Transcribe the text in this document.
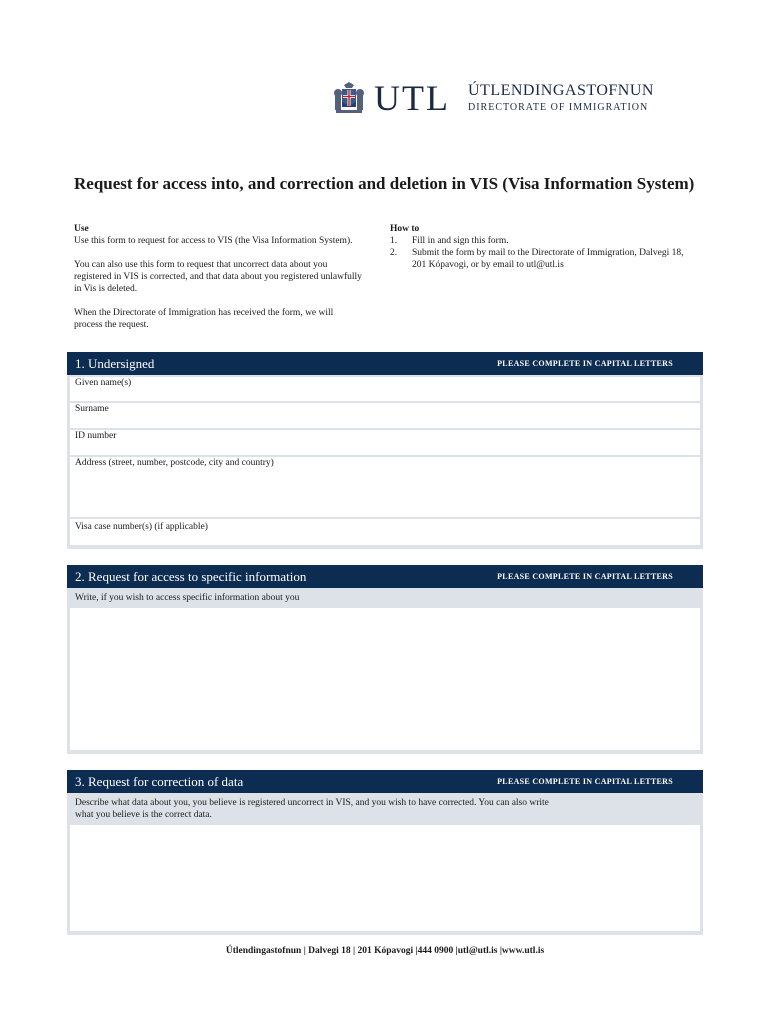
UTL ÚTLENDINGASTOFNUN
DIRECTORATE OF IMMIGRATION
Request for access into, and correction and deletion in VIS (Visa Information System)
Use

Use this form to request for access to VIS (the Visa Information System).

You can also use this form to request that uncorrect data about you registered in VIS is corrected, and that data about you registered unlawfully in Vis is deleted.

When the Directorate of Immigration has received the form, we will process the request.

How to
1.	Fill in and sign this form.
2.	Submit the form by mail to the Directorate of Immigration, Dalvegi 18, 201 Kópavogi, or by email to utl@utl.is
1. Undersigned	PLEASE COMPLETE IN CAPITAL LETTERS
Given name(s)
Surname
ID number
Address (street, number, postcode, city and country)
Visa case number(s) (if applicable)
2. Request for access to specific information	PLEASE COMPLETE IN CAPITAL LETTERS
Write, if you wish to access specific information about you
3. Request for correction of data	PLEASE COMPLETE IN CAPITAL LETTERS
Describe what data about you, you believe is registered uncorrect in VIS, and you wish to have corrected. You can also write what you believe is the correct data.
Útlendingastofnun | Dalvegi 18 | 201 Kópavogi |444 0900 |utl@utl.is |www.utl.is
